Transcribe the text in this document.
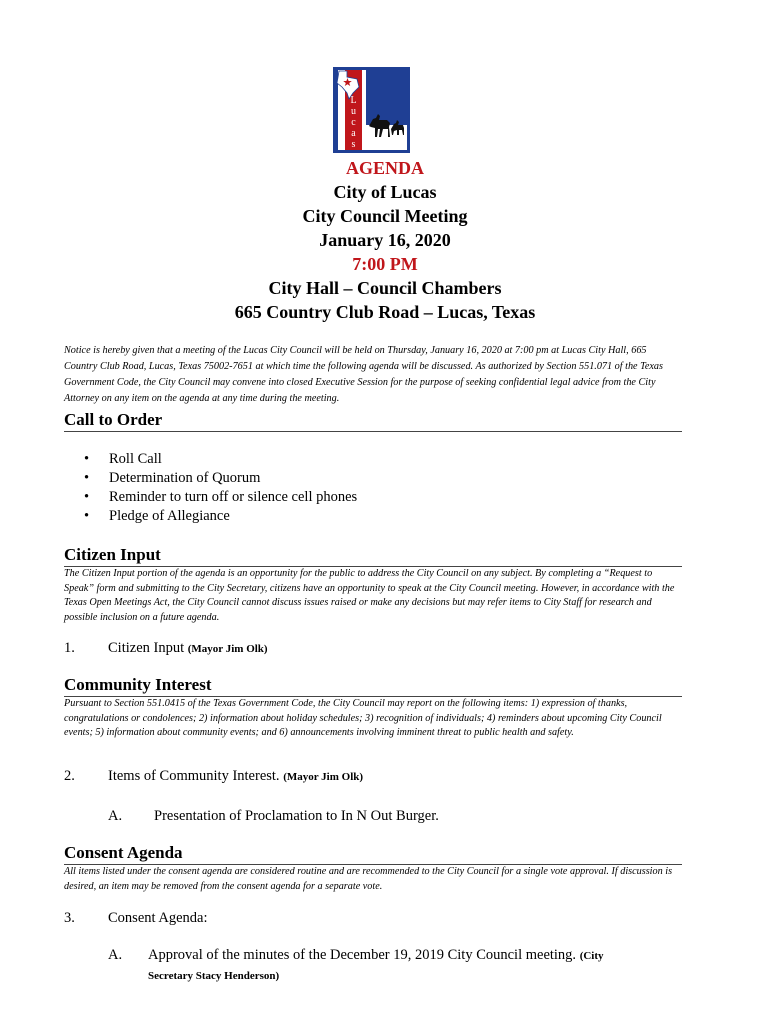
L
u
c
a
s
AGENDA
City of Lucas
City Council Meeting
January 16, 2020
7:00 PM
City Hall – Council Chambers
665 Country Club Road – Lucas, Texas
Notice is hereby given that a meeting of the Lucas City Council will be held on Thursday, January 16, 2020 at 7:00 pm at Lucas City Hall, 665 Country Club Road, Lucas, Texas 75002-7651 at which time the following agenda will be discussed. As authorized by Section 551.071 of the Texas Government Code, the City Council may convene into closed Executive Session for the purpose of seeking confidential legal advice from the City Attorney on any item on the agenda at any time during the meeting.
Call to Order
• Roll Call
• Determination of Quorum
• Reminder to turn off or silence cell phones
• Pledge of Allegiance
Citizen Input
The Citizen Input portion of the agenda is an opportunity for the public to address the City Council on any subject. By completing a “Request to Speak” form and submitting to the City Secretary, citizens have an opportunity to speak at the City Council meeting. However, in accordance with the Texas Open Meetings Act, the City Council cannot discuss issues raised or make any decisions but may refer items to City Staff for research and possible inclusion on a future agenda.
1. Citizen Input (Mayor Jim Olk)
Community Interest
Pursuant to Section 551.0415 of the Texas Government Code, the City Council may report on the following items: 1) expression of thanks, congratulations or condolences; 2) information about holiday schedules; 3) recognition of individuals; 4) reminders about upcoming City Council events; 5) information about community events; and 6) announcements involving imminent threat to public health and safety.
2. Items of Community Interest. (Mayor Jim Olk)
A. Presentation of Proclamation to In N Out Burger.
Consent Agenda
All items listed under the consent agenda are considered routine and are recommended to the City Council for a single vote approval. If discussion is desired, an item may be removed from the consent agenda for a separate vote.
3. Consent Agenda:
A. Approval of the minutes of the December 19, 2019 City Council meeting. (City Secretary Stacy Henderson)
